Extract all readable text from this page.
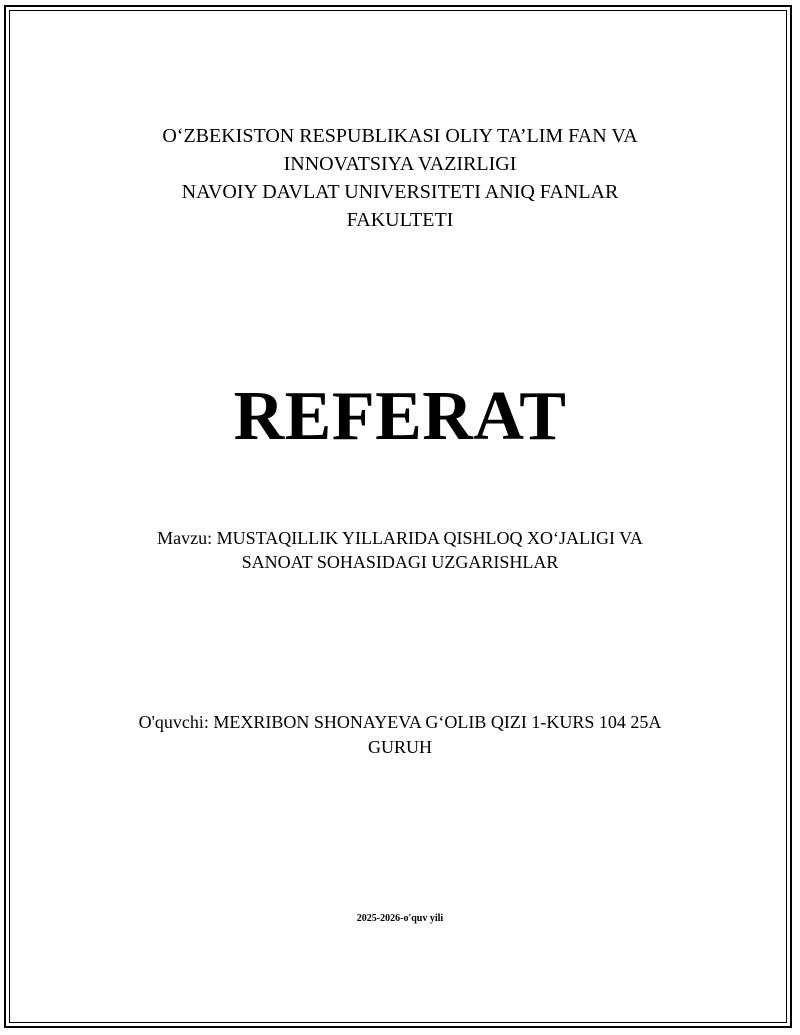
O‘ZBEKISTON RESPUBLIKASI OLIY TA’LIM FAN VA
INNOVATSIYA VAZIRLIGI
NAVOIY DAVLAT UNIVERSITETI ANIQ FANLAR
FAKULTETI
REFERAT
Mavzu: MUSTAQILLIK YILLARIDA QISHLOQ XO‘JALIGI VA
SANOAT SOHASIDAGI UZGARISHLAR
O'quvchi: MEXRIBON SHONAYEVA G‘OLIB QIZI 1-KURS 104 25A
GURUH
2025-2026-o'quv yili
